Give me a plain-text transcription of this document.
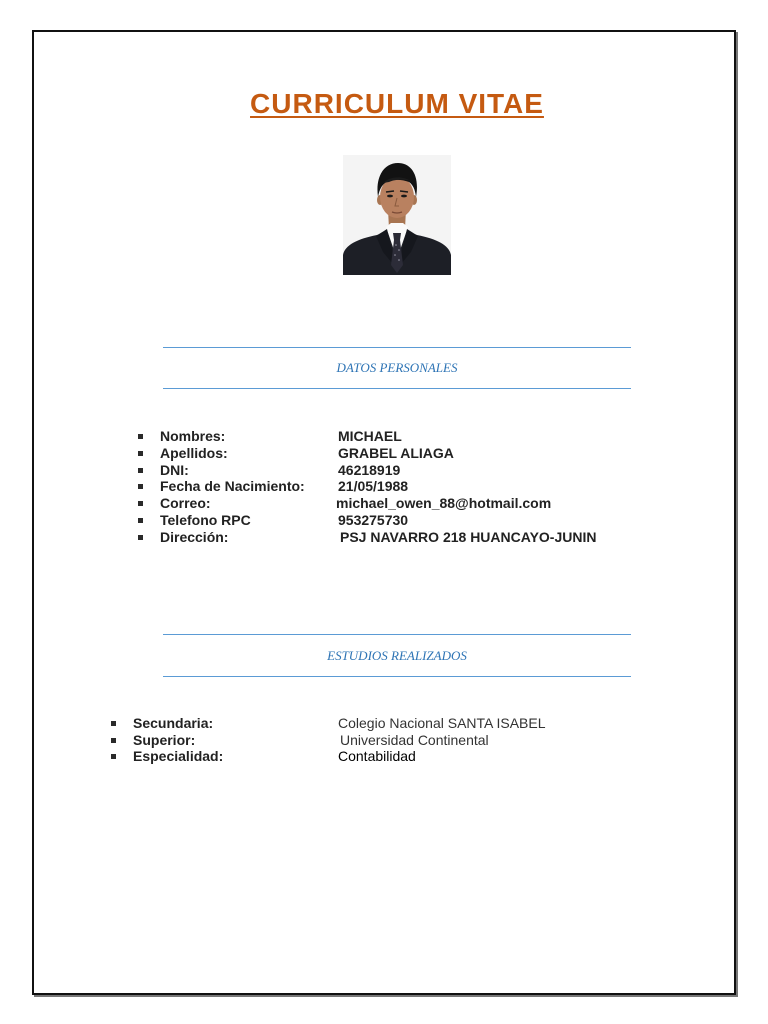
CURRICULUM VITAE
DATOS PERSONALES
Nombres:	MICHAEL
Apellidos:	GRABEL ALIAGA
DNI:	46218919
Fecha de Nacimiento: 21/05/1988
Correo:	michael_owen_88@hotmail.com
Telefono RPC	953275730
Dirección:	PSJ NAVARRO 218 HUANCAYO-JUNIN
ESTUDIOS REALIZADOS
Secundaria:	Colegio Nacional SANTA ISABEL
Superior:	Universidad Continental
Especialidad:	Contabilidad
